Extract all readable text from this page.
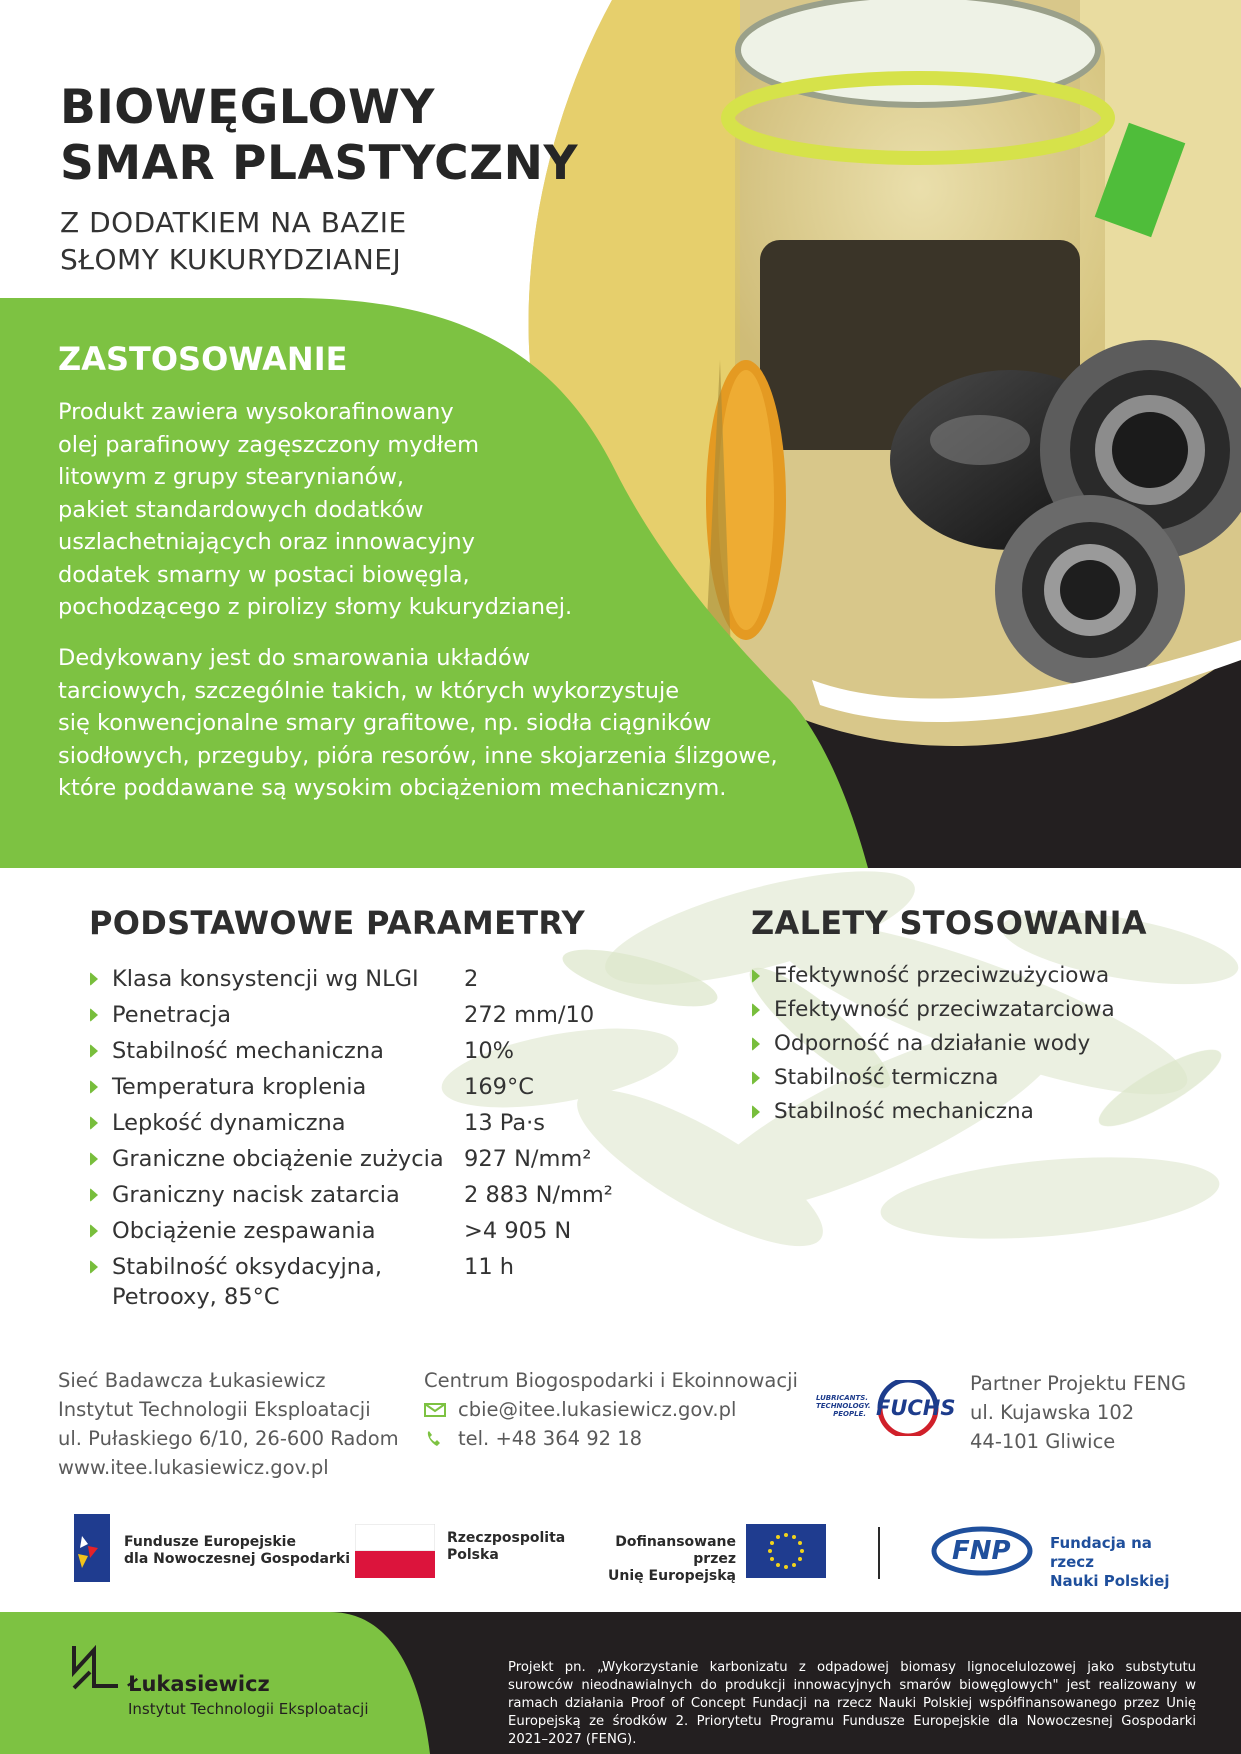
BIOWĘGLOWY
SMAR PLASTYCZNY
Z DODATKIEM NA BAZIE
SŁOMY KUKURYDZIANEJ
ZASTOSOWANIE
Produkt zawiera wysokorafinowany
olej parafinowy zagęszczony mydłem
litowym z grupy stearynianów,
pakiet standardowych dodatków
uszlachetniających oraz innowacyjny
dodatek smarny w postaci biowęgla,
pochodzącego z pirolizy słomy kukurydzianej.
Dedykowany jest do smarowania układów
tarciowych, szczególnie takich, w których wykorzystuje
się konwencjonalne smary grafitowe, np. siodła ciągników
siodłowych, przeguby, pióra resorów, inne skojarzenia ślizgowe,
które poddawane są wysokim obciążeniom mechanicznym.
PODSTAWOWE PARAMETRY
Klasa konsystencji wg NLGI	2
Penetracja	272 mm/10
Stabilność mechaniczna	10%
Temperatura kroplenia	169°C
Lepkość dynamiczna	13 Pa·s
Graniczne obciążenie zużycia 927 N/mm²
Graniczny nacisk zatarcia	2 883 N/mm²
Obciążenie zespawania	>4 905 N
Stabilność oksydacyjna,
Petrooxy, 85°C
11 h
ZALETY STOSOWANIA
Efektywność przeciwzużyciowa
Efektywność przeciwzatarciowa
Odporność na działanie wody
Stabilność termiczna
Stabilność mechaniczna
Sieć Badawcza Łukasiewicz
Instytut Technologii Eksploatacji
ul. Pułaskiego 6/10, 26-600 Radom
www.itee.lukasiewicz.gov.pl
Centrum Biogospodarki i Ekoinnowacji
cbie@itee.lukasiewicz.gov.pl
tel. +48 364 92 18
LUBRICANTS.
TECHNOLOGY.
PEOPLE. FUCHS
Partner Projektu FENG
ul. Kujawska 102
44-101 Gliwice
Fundusze Europejskie
dla Nowoczesnej Gospodarki
Rzeczpospolita
Polska
Dofinansowane przez
Unię Europejską
FNP	Fundacja na rzecz
Nauki Polskiej
Łukasiewicz
Instytut Technologii Eksploatacji
Projekt pn. „Wykorzystanie karbonizatu z odpadowej biomasy lignocelulozowej jako substytutu surowców nieodnawialnych do produkcji innowacyjnych smarów biowęglowych" jest realizowany w ramach działania Proof of Concept Fundacji na rzecz Nauki Polskiej współfinansowanego przez Unię Europejską ze środków 2. Priorytetu Programu Fundusze Europejskie dla Nowoczesnej Gospodarki 2021–2027 (FENG).
